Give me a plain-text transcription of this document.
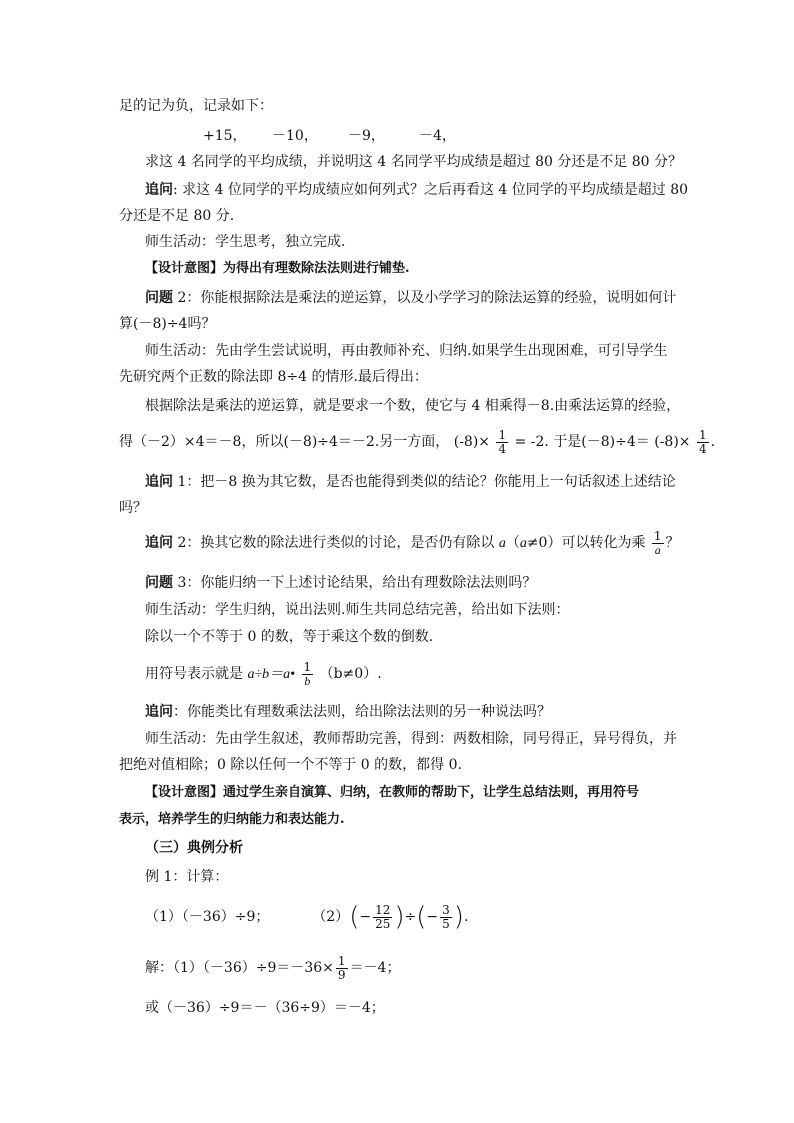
足的记为负，记录如下：
+15， －10， －9， －4，
求这 4 名同学的平均成绩，并说明这 4 名同学平均成绩是超过 80 分还是不足 80 分？
追问: 求这 4 位同学的平均成绩应如何列式？之后再看这 4 位同学的平均成绩是超过 80
分还是不足 80 分.
师生活动：学生思考，独立完成.
【设计意图】为得出有理数除法法则进行铺垫.
问题 2：你能根据除法是乘法的逆运算，以及小学学习的除法运算的经验，说明如何计
算(－8)÷4吗？
师生活动：先由学生尝试说明，再由教师补充、归纳.如果学生出现困难，可引导学生
先研究两个正数的除法即 8÷4 的情形.最后得出：
根据除法是乘法的逆运算，就是要求一个数，使它与 4 相乘得－8.由乘法运算的经验，
得（－2）×4＝－8，所以(－8)÷4＝－2.另一方面， $(-8)\times \frac{1}{4} = -2$. 于是$(-8)\div 4= (-8)\times \frac{1}{4}$ .
追问 1：把－8 换为其它数，是否也能得到类似的结论？你能用上一句话叙述上述结论
吗？
追问 2：换其它数的除法进行类似的讨论，是否仍有除以 a（a≠0）可以转化为乘 $\frac{1}{a}$ ？
问题 3：你能归纳一下上述讨论结果，给出有理数除法法则吗？
师生活动：学生归纳，说出法则.师生共同总结完善，给出如下法则：
除以一个不等于 0 的数，等于乘这个数的倒数.
用符号表示就是 a÷b＝a• $\frac{1}{b} (b\ne 0)$.
追问：你能类比有理数乘法法则，给出除法法则的另一种说法吗？
师生活动：先由学生叙述，教师帮助完善，得到：两数相除，同号得正，异号得负，并
把绝对值相除；0 除以任何一个不等于 0 的数，都得 0.
【设计意图】通过学生亲自演算、归纳，在教师的帮助下，让学生总结法则，再用符号
表示，培养学生的归纳能力和表达能力.
（三）典例分析
例 1：计算：
（1）（－36）÷9；	$(2)(- \frac{12}{25}$ )÷(− $\frac{3}{5}$ ).
解：$(1)(-36)\div 9=-36\times \frac{1}{9} =-4$；
或（－36）÷9＝－（36÷9）＝－4；
